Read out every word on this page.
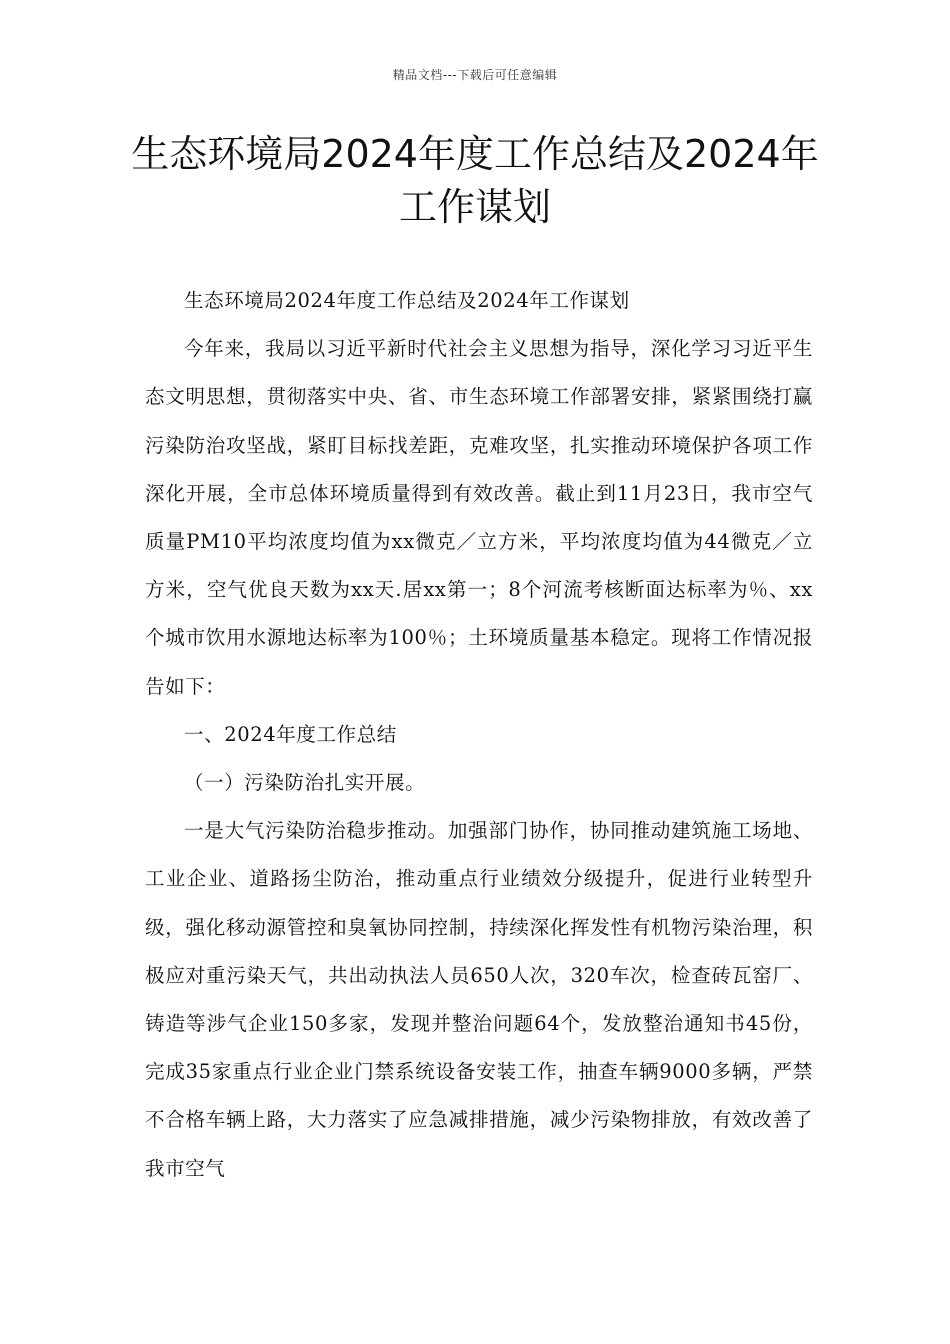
精品文档---下载后可任意编辑
生态环境局2024年度工作总结及2024年工作谋划

生态环境局2024年度工作总结及2024年工作谋划

今年来，我局以习近平新时代社会主义思想为指导，深化学习习近平生态文明思想，贯彻落实中央、省、市生态环境工作部署安排，紧紧围绕打赢污染防治攻坚战，紧盯目标找差距，克难攻坚，扎实推动环境保护各项工作深化开展，全市总体环境质量得到有效改善。截止到11月23日，我市空气质量PM10平均浓度均值为xx微克／立方米，平均浓度均值为44微克／立方米，空气优良天数为xx天.居xx第一；8个河流考核断面达标率为％、xx个城市饮用水源地达标率为100％；土环境质量基本稳定。现将工作情况报告如下：

一、2024年度工作总结

（一）污染防治扎实开展。

一是大气污染防治稳步推动。加强部门协作，协同推动建筑施工场地、工业企业、道路扬尘防治，推动重点行业绩效分级提升，促进行业转型升级，强化移动源管控和臭氧协同控制，持续深化挥发性有机物污染治理，积极应对重污染天气，共出动执法人员650人次，320车次，检查砖瓦窑厂、铸造等涉气企业150多家，发现并整治问题64个，发放整治通知书45份，完成35家重点行业企业门禁系统设备安装工作，抽查车辆9000多辆，严禁不合格车辆上路，大力落实了应急减排措施，减少污染物排放，有效改善了我市空气
